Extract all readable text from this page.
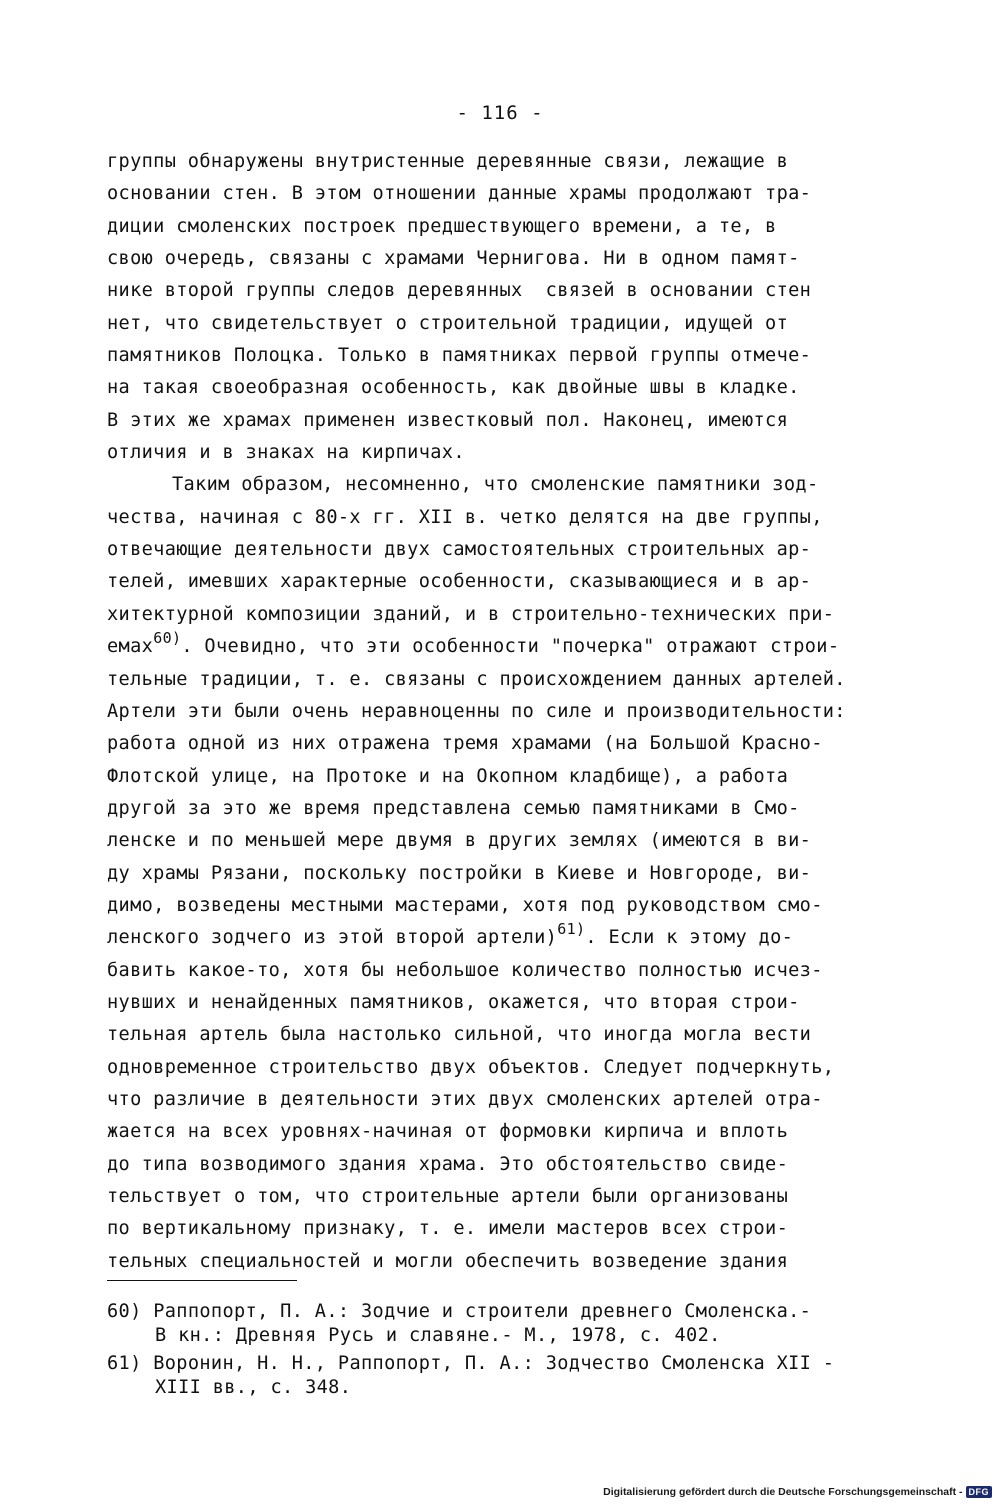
- 116 -
группы обнаружены внутристенные деревянные связи, лежащие в
основании стен. В этом отношении данные храмы продолжают тра-
диции смоленских построек предшествующего времени, а те, в
свою очередь, связаны с храмами Чернигова. Ни в одном памят-
нике второй группы следов деревянных  связей в основании стен
нет, что свидетельствует о строительной традиции, идущей от
памятников Полоцка. Только в памятниках первой группы отмече-
на такая своеобразная особенность, как двойные швы в кладке.
В этих же храмах применен известковый пол. Наконец, имеются
отличия и в знаках на кирпичах.
Таким образом, несомненно, что смоленские памятники зод-
чества, начиная с 80-х гг. XII в. четко делятся на две группы,
отвечающие деятельности двух самостоятельных строительных ар-
телей, имевших характерные особенности, сказывающиеся и в ар-
хитектурной композиции зданий, и в строительно-технических при-
емах$^{60)}$. Очевидно, что эти особенности "почерка" отражают строи-
тельные традиции, т. е. связаны с происхождением данных артелей.
Артели эти были очень неравноценны по силе и производительности:
работа одной из них отражена тремя храмами (на Большой Красно-
Флотской улице, на Протоке и на Окопном кладбище), а работа
другой за это же время представлена семью памятниками в Смо-
ленске и по меньшей мере двумя в других землях (имеются в ви-
ду храмы Рязани, поскольку постройки в Киеве и Новгороде, ви-
димо, возведены местными мастерами, хотя под руководством смо-
ленского зодчего из этой второй артели)$^{61)}$. Если к этому до-
бавить какое-то, хотя бы небольшое количество полностью исчез-
нувших и ненайденных памятников, окажется, что вторая строи-
тельная артель была настолько сильной, что иногда могла вести
одновременное строительство двух объектов. Следует подчеркнуть,
что различие в деятельности этих двух смоленских артелей отра-
жается на всех уровнях-начиная от формовки кирпича и вплоть
до типа возводимого здания храма. Это обстоятельство свиде-
тельствует о том, что строительные артели были организованы
по вертикальному признаку, т. е. имели мастеров всех строи-
тельных специальностей и могли обеспечить возведение здания
60) Раппопорт, П. А.: Зодчие и строители древнего Смоленска.-
В кн.: Древняя Русь и славяне.- М., 1978, с. 402.
61) Воронин, Н. Н., Раппопорт, П. А.: Зодчество Смоленска XII -
XIII вв., с. 348.
Digitalisierung gefördert durch die Deutsche Forschungsgemeinschaft - DFG
